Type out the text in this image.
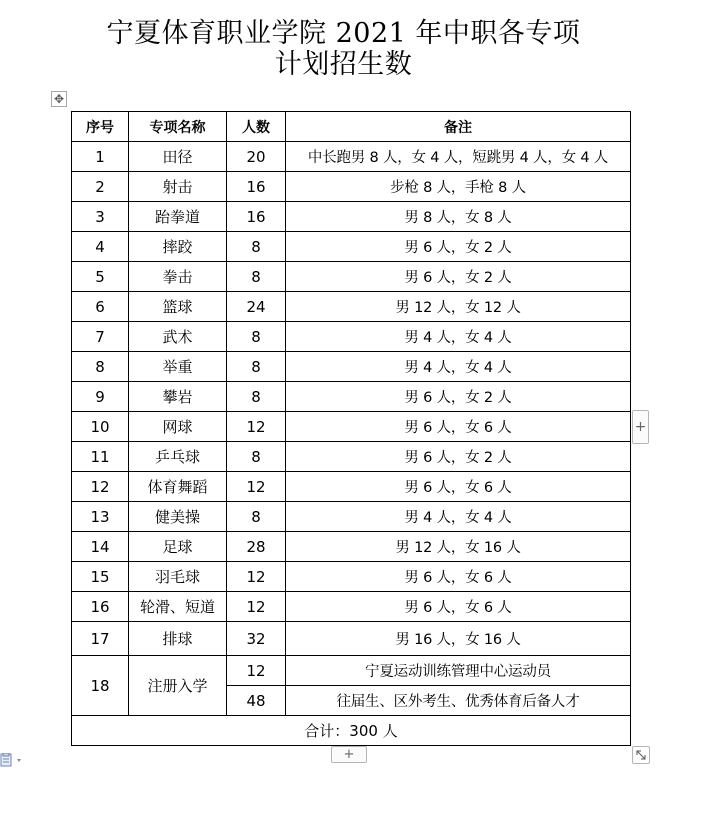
宁夏体育职业学院 2021 年中职各专项
计划招生数
✥
序号	专项名称	人数	备注
1	田径	20	中长跑男 8 人，女 4 人，短跳男 4 人，女 4 人
2	射击	16	步枪 8 人，手枪 8 人
3	跆拳道	16	男 8 人，女 8 人
4	摔跤	8	男 6 人，女 2 人
5	拳击	8	男 6 人，女 2 人
6	篮球	24	男 12 人，女 12 人
7	武术	8	男 4 人，女 4 人
8	举重	8	男 4 人，女 4 人
9	攀岩	8	男 6 人，女 2 人
10	网球	12	男 6 人，女 6 人
11	乒乓球	8	男 6 人，女 2 人
12	体育舞蹈	12	男 6 人，女 6 人
13	健美操	8	男 4 人，女 4 人
14	足球	28	男 12 人，女 16 人
15	羽毛球	12	男 6 人，女 6 人
16	轮滑、短道	12	男 6 人，女 6 人
17	排球	32	男 16 人，女 16 人
18	注册入学	12	宁夏运动训练管理中心运动员
		48	往届生、区外考生、优秀体育后备人才
合计：300 人			
+
+
